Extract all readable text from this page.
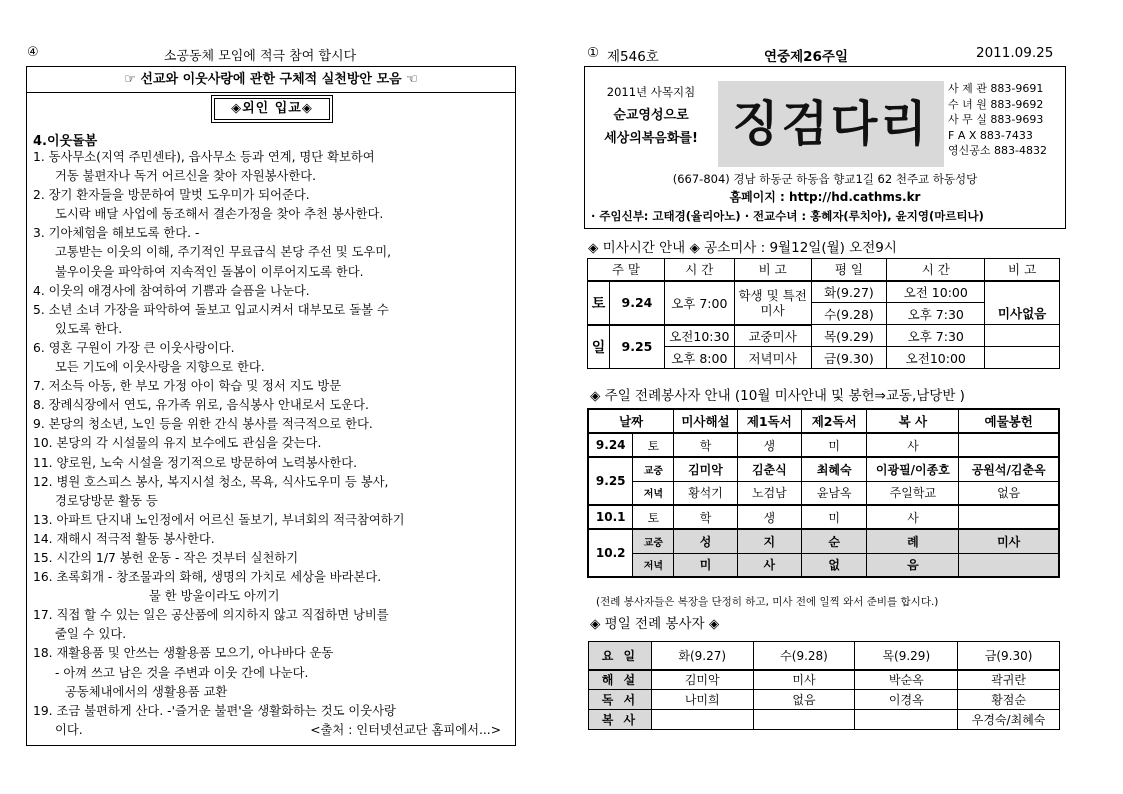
④	소공동체 모임에 적극 참여 합시다
☞ 선교와 이웃사랑에 관한 구체적 실천방안 모음 ☜
◈외인 입교◈
4.이웃돌봄
1. 동사무소(지역 주민센타), 읍사무소 등과 연계, 명단 확보하여
거동 불편자나 독거 어르신을 찾아 자원봉사한다.
2. 장기 환자들을 방문하여 말벗 도우미가 되어준다.
도시락 배달 사업에 동조해서 결손가정을 찾아 추천 봉사한다.
3. 기아체험을 해보도록 한다. -
고통받는 이웃의 이해, 주기적인 무료급식 본당 주선 및 도우미,
불우이웃을 파악하여 지속적인 돌봄이 이루어지도록 한다.
4. 이웃의 애경사에 참여하여 기쁨과 슬픔을 나눈다.
5. 소년 소녀 가장을 파악하여 돌보고 입교시켜서 대부모로 돌볼 수
있도록 한다.
6. 영혼 구원이 가장 큰 이웃사랑이다.
모든 기도에 이웃사랑을 지향으로 한다.
7. 저소득 아동, 한 부모 가정 아이 학습 및 정서 지도 방문
8. 장례식장에서 연도, 유가족 위로, 음식봉사 안내로서 도운다.
9. 본당의 청소년, 노인 등을 위한 간식 봉사를 적극적으로 한다.
10. 본당의 각 시설물의 유지 보수에도 관심을 갖는다.
11. 양로원, 노숙 시설을 정기적으로 방문하여 노력봉사한다.
12. 병원 호스피스 봉사, 복지시설 청소, 목욕, 식사도우미 등 봉사,
경로당방문 활동 등
13. 아파트 단지내 노인정에서 어르신 돌보기, 부녀회의 적극참여하기
14. 재해시 적극적 활동 봉사한다.
15. 시간의 1/7 봉헌 운동 - 작은 것부터 실천하기
16. 초록회개 - 창조물과의 화해, 생명의 가치로 세상을 바라본다.
물 한 방울이라도 아끼기
17. 직접 할 수 있는 일은 공산품에 의지하지 않고 직접하면 낭비를
줄일 수 있다.
18. 재활용품 및 안쓰는 생활용품 모으기, 아나바다 운동
- 아껴 쓰고 남은 것을 주변과 이웃 간에 나눈다.
공동체내에서의 생활용품 교환
19. 조금 불편하게 산다. -'즐거운 불편'을 생활화하는 것도 이웃사랑
이다.	<출처 : 인터넷선교단 홈피에서...>
① 제546호	연중제26주일	2011.09.25
2011년 사목지침
순교영성으로
세상의복음화를! 징검다리
사 제 관 883-9691
수 녀 원 883-9692
사 무 실 883-9693
F A X 883-7433
영신공소 883-4832
(667-804) 경남 하동군 하동읍 향교1길 62 천주교 하동성당
홈페이지 : http://hd.cathms.kr
· 주임신부: 고태경(율리아노) · 전교수녀 : 홍혜자(루치아), 윤지영(마르티나)
◈ 미사시간 안내 ◈ 공소미사 : 9월12일(월) 오전9시
주 말		시 간	비 고	평 일	시 간	비 고
토	9.24	오후 7:00	학생 및 특전미사	화(9.27)	오전 10:00	
				수(9.28)	오후 7:30	미사없음
일	9.25	오전10:30	교중미사	목(9.29)	오후 7:30	
		오후 8:00	저녁미사	금(9.30)	오전10:00	
◈ 주일 전례봉사자 안내 (10월 미사안내 및 봉헌⇒교동,남당반 )
날짜		미사해설	제1독서	제2독서	복 사	예물봉헌
9.24	토	학	생	미	사	
9.25	교중	김미악	김춘식	최혜숙	이광필/이종호	공원석/김춘옥
	저녁	황석기	노검남	윤남옥	주일학교	없음
10.1	토	학	생	미	사	
10.2	교중	성	지	순	례	미사
	저녁	미	사	없	음	
(전례 봉사자들은 복장을 단정히 하고, 미사 전에 일찍 와서 준비를 합시다.)
◈ 평일 전례 봉사자 ◈
요 일	화(9.27)	수(9.28)	목(9.29)	금(9.30)
해 설	김미악	미사	박순옥	곽귀란
독 서	나미희	없음	이경옥	황점순
복 사				우경숙/최혜숙
